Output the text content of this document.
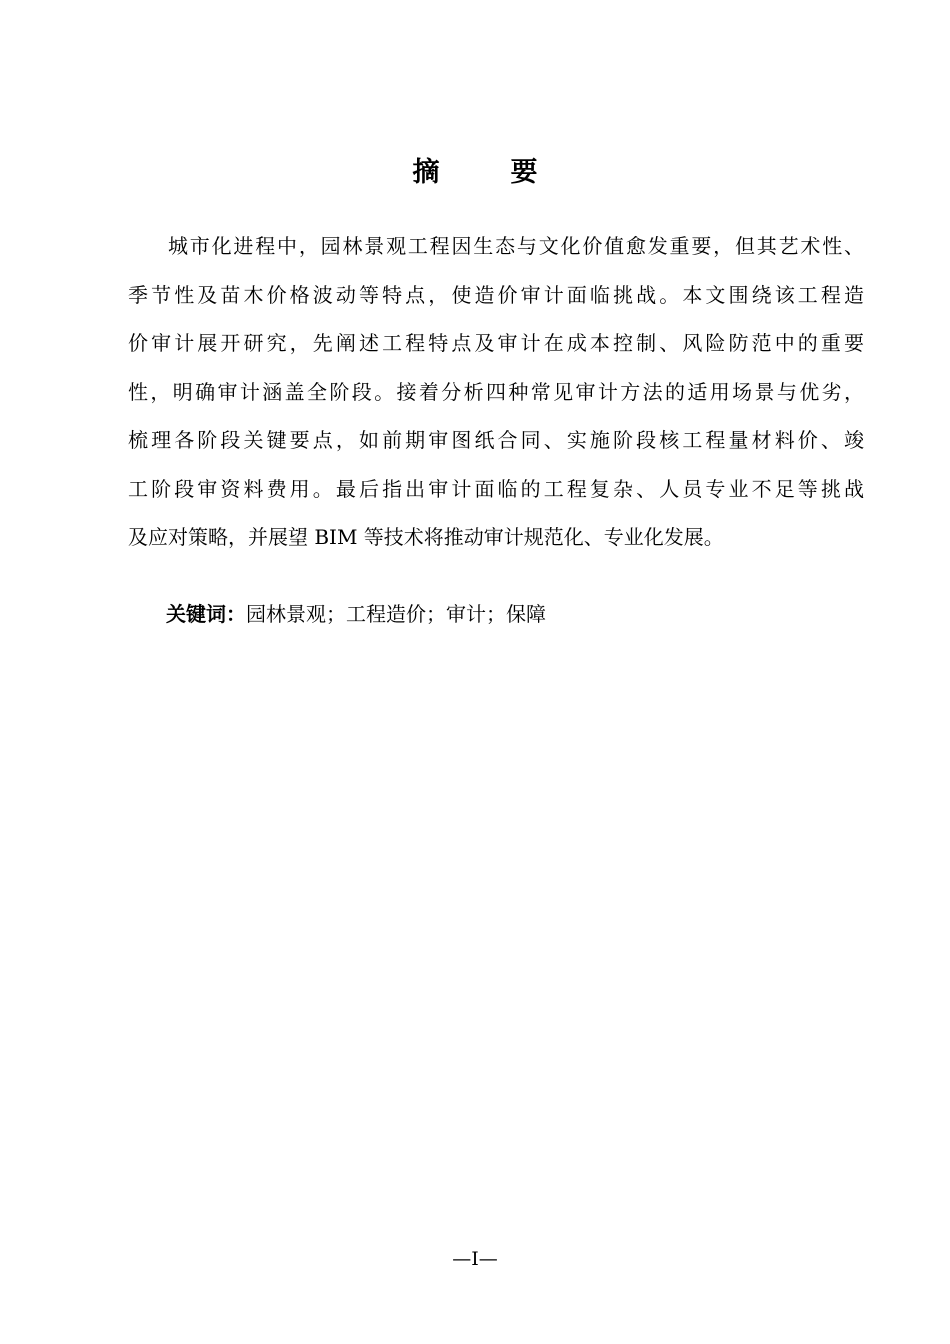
摘　要

城市化进程中，园林景观工程因生态与文化价值愈发重要，但其艺术性、
季节性及苗木价格波动等特点，使造价审计面临挑战。本文围绕该工程造
价审计展开研究，先阐述工程特点及审计在成本控制、风险防范中的重要
性，明确审计涵盖全阶段。接着分析四种常见审计方法的适用场景与优劣，
梳理各阶段关键要点，如前期审图纸合同、实施阶段核工程量材料价、竣
工阶段审资料费用。最后指出审计面临的工程复杂、人员专业不足等挑战
及应对策略，并展望 BIM 等技术将推动审计规范化、专业化发展。

关键词：园林景观；工程造价；审计；保障
—I—
